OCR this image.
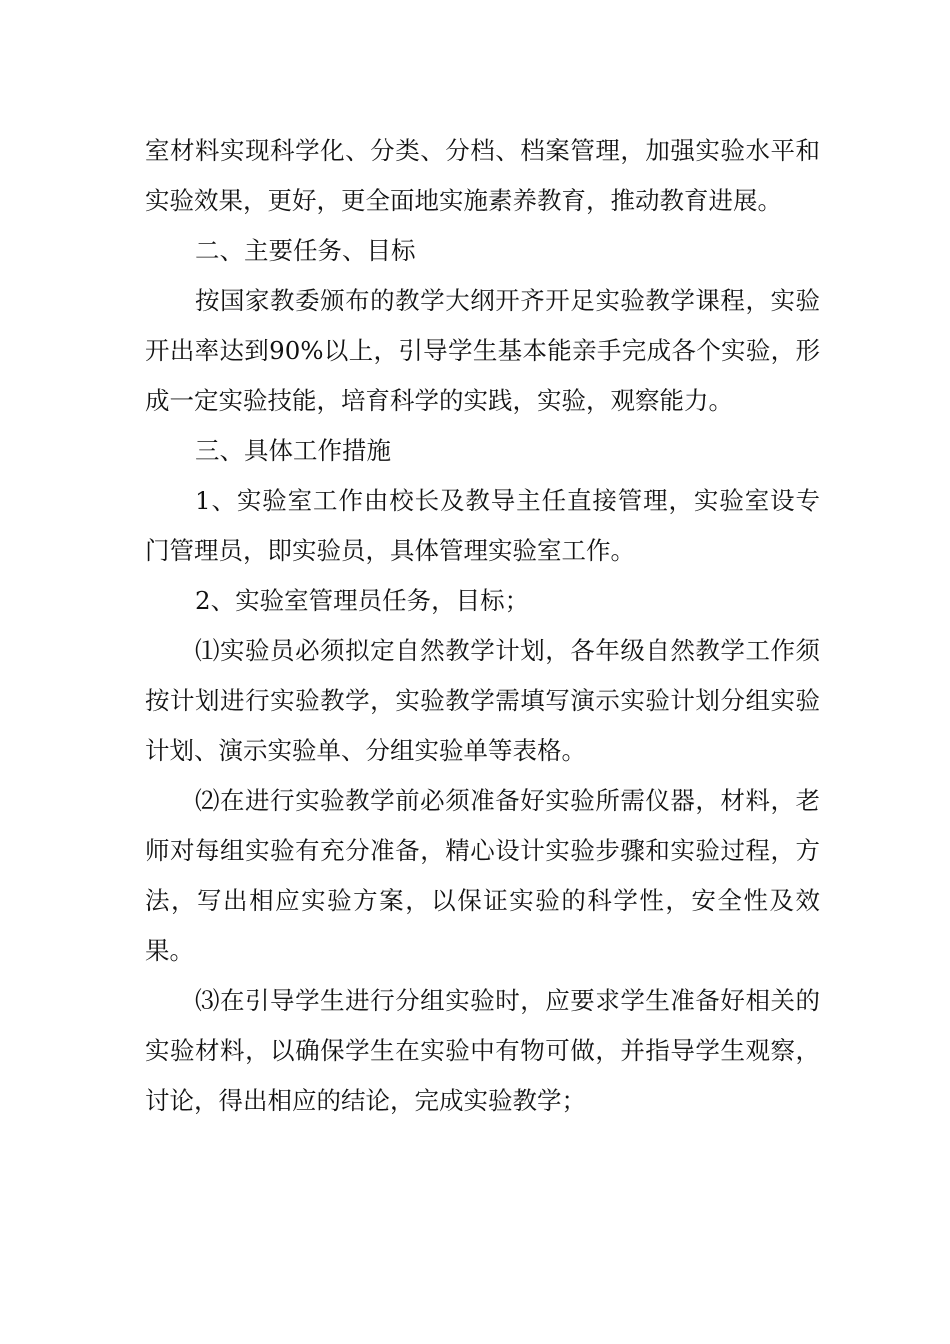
室材料实现科学化、分类、分档、档案管理，加强实验水平和实验效果，更好，更全面地实施素养教育，推动教育进展。

二、主要任务、目标

按国家教委颁布的教学大纲开齐开足实验教学课程，实验开出率达到90%以上，引导学生基本能亲手完成各个实验，形成一定实验技能，培育科学的实践，实验，观察能力。

三、具体工作措施

1、实验室工作由校长及教导主任直接管理，实验室设专门管理员，即实验员，具体管理实验室工作。

2、实验室管理员任务，目标；

⑴实验员必须拟定自然教学计划，各年级自然教学工作须按计划进行实验教学，实验教学需填写演示实验计划分组实验计划、演示实验单、分组实验单等表格。

⑵在进行实验教学前必须准备好实验所需仪器，材料，老师对每组实验有充分准备，精心设计实验步骤和实验过程，方法，写出相应实验方案，以保证实验的科学性，安全性及效果。

⑶在引导学生进行分组实验时，应要求学生准备好相关的实验材料，以确保学生在实验中有物可做，并指导学生观察，讨论，得出相应的结论，完成实验教学；
